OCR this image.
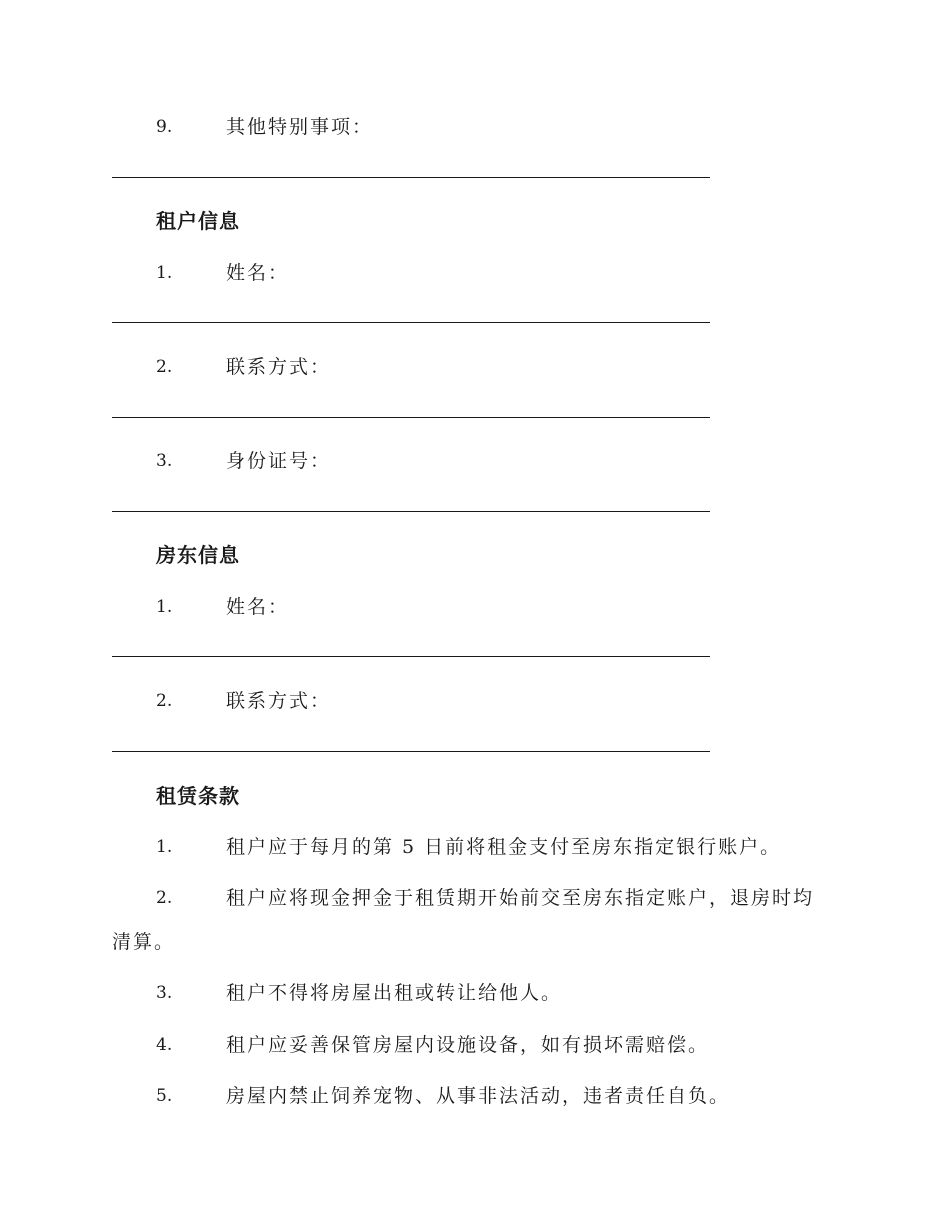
9.	其他特别事项：
租户信息
1.	姓名：
2.	联系方式：
3.	身份证号：
房东信息
1.	姓名：
2.	联系方式：
租赁条款
1.	租户应于每月的第 5 日前将租金支付至房东指定银行账户。
2.	租户应将现金押金于租赁期开始前交至房东指定账户，退房时均
清算。
3.	租户不得将房屋出租或转让给他人。
4.	租户应妥善保管房屋内设施设备，如有损坏需赔偿。
5.	房屋内禁止饲养宠物、从事非法活动，违者责任自负。
